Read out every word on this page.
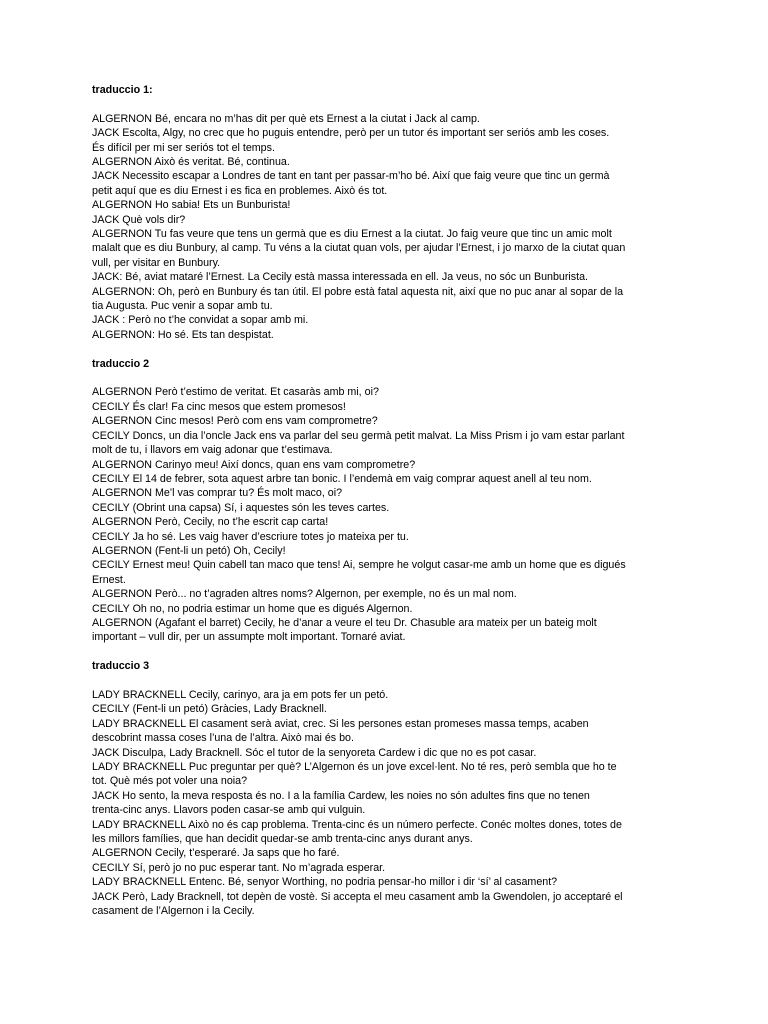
traduccio 1:

ALGERNON Bé, encara no m’has dit per què ets Ernest a la ciutat i Jack al camp.

JACK Escolta, Algy, no crec que ho puguis entendre, però per un tutor és important ser seriós amb les coses.

És difícil per mi ser seriós tot el temps.

ALGERNON Això és veritat. Bé, continua.

JACK Necessito escapar a Londres de tant en tant per passar-m’ho bé. Així que faig veure que tinc un germà

petit aquí que es diu Ernest i es fica en problemes. Això és tot.

ALGERNON Ho sabia! Ets un Bunburista!

JACK Què vols dir?

ALGERNON Tu fas veure que tens un germà que es diu Ernest a la ciutat. Jo faig veure que tinc un amic molt

malalt que es diu Bunbury, al camp. Tu véns a la ciutat quan vols, per ajudar l’Ernest, i jo marxo de la ciutat quan

vull, per visitar en Bunbury.

JACK: Bé, aviat mataré l’Ernest. La Cecily està massa interessada en ell. Ja veus, no sóc un Bunburista.

ALGERNON: Oh, però en Bunbury és tan útil. El pobre està fatal aquesta nit, així que no puc anar al sopar de la

tia Augusta. Puc venir a sopar amb tu.

JACK : Però no t’he convidat a sopar amb mi.

ALGERNON: Ho sé. Ets tan despistat.

traduccio 2

ALGERNON Però t’estimo de veritat. Et casaràs amb mi, oi?

CECILY És clar! Fa cinc mesos que estem promesos!

ALGERNON Cinc mesos! Però com ens vam comprometre?

CECILY Doncs, un dia l’oncle Jack ens va parlar del seu germà petit malvat. La Miss Prism i jo vam estar parlant

molt de tu, i llavors em vaig adonar que t’estimava.

ALGERNON Carinyo meu! Així doncs, quan ens vam comprometre?

CECILY El 14 de febrer, sota aquest arbre tan bonic. I l’endemà em vaig comprar aquest anell al teu nom.

ALGERNON Me’l vas comprar tu? És molt maco, oi?

CECILY (Obrint una capsa) Sí, i aquestes són les teves cartes.

ALGERNON Però, Cecily, no t’he escrit cap carta!

CECILY Ja ho sé. Les vaig haver d’escriure totes jo mateixa per tu.

ALGERNON (Fent-li un petó) Oh, Cecily!

CECILY Ernest meu! Quin cabell tan maco que tens! Ai, sempre he volgut casar-me amb un home que es digués

Ernest.

ALGERNON Però... no t’agraden altres noms? Algernon, per exemple, no és un mal nom.

CECILY Oh no, no podria estimar un home que es digués Algernon.

ALGERNON (Agafant el barret) Cecily, he d’anar a veure el teu Dr. Chasuble ara mateix per un bateig molt

important – vull dir, per un assumpte molt important. Tornaré aviat.

traduccio 3

LADY BRACKNELL Cecily, carinyo, ara ja em pots fer un petó.

CECILY (Fent-li un petó) Gràcies, Lady Bracknell.

LADY BRACKNELL El casament serà aviat, crec. Si les persones estan promeses massa temps, acaben

descobrint massa coses l’una de l’altra. Això mai és bo.

JACK Disculpa, Lady Bracknell. Sóc el tutor de la senyoreta Cardew i dic que no es pot casar.

LADY BRACKNELL Puc preguntar per què? L’Algernon és un jove excel·lent. No té res, però sembla que ho te

tot. Què més pot voler una noia?

JACK Ho sento, la meva resposta és no. I a la família Cardew, les noies no són adultes fins que no tenen

trenta-cinc anys. Llavors poden casar-se amb qui vulguin.

LADY BRACKNELL Això no és cap problema. Trenta-cinc és un número perfecte. Conéc moltes dones, totes de

les millors famílies, que han decidit quedar-se amb trenta-cinc anys durant anys.

ALGERNON Cecily, t’esperaré. Ja saps que ho faré.

CECILY Sí, però jo no puc esperar tant. No m’agrada esperar.

LADY BRACKNELL Entenc. Bé, senyor Worthing, no podria pensar-ho millor i dir ‘sí’ al casament?

JACK Però, Lady Bracknell, tot depèn de vostè. Si accepta el meu casament amb la Gwendolen, jo acceptaré el

casament de l’Algernon i la Cecily.
